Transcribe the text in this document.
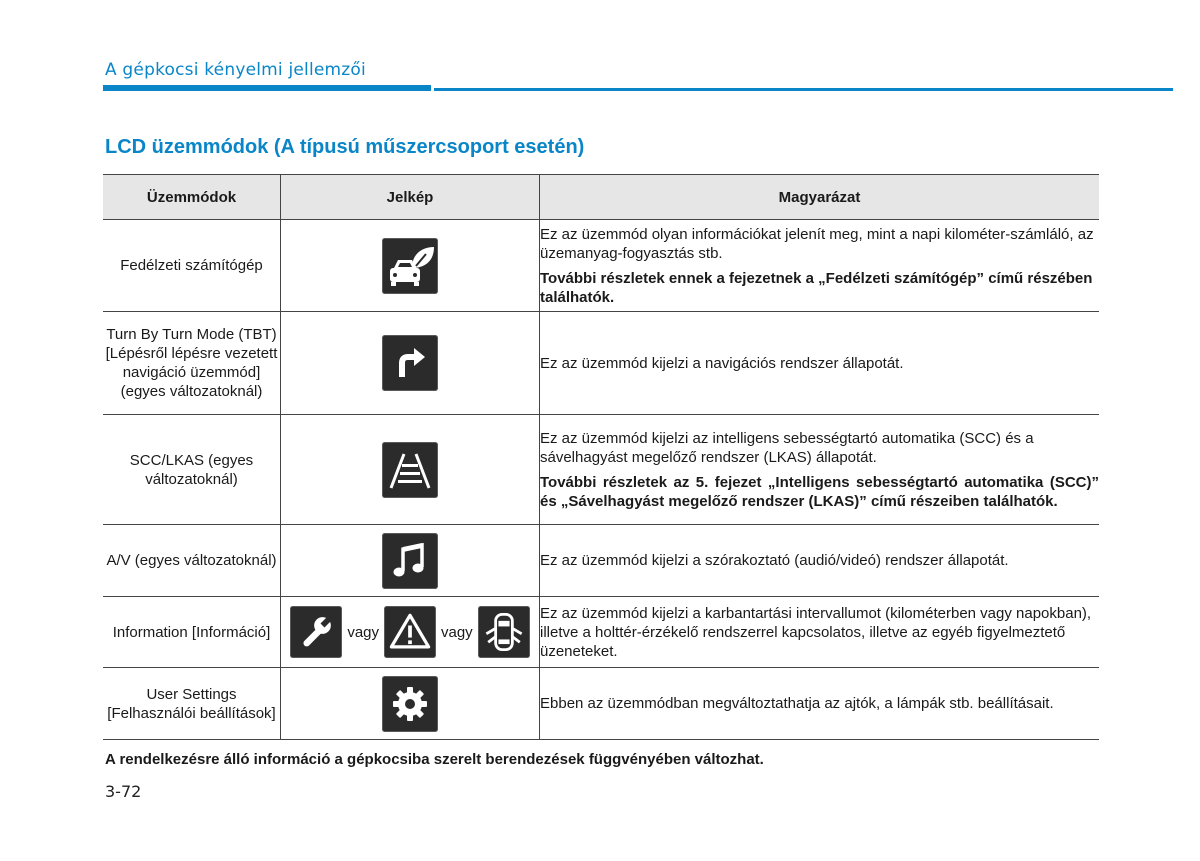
A gépkocsi kényelmi jellemzői
LCD üzemmódok (A típusú műszercsoport esetén)
Üzemmódok	Jelkép	Magyarázat
Fedélzeti számítógép		Ez az üzemmód olyan információkat jelenít meg, mint a napi kilométer-számláló, az üzemanyag-fogyasztás stb.

További részletek ennek a fejezetnek a „Fedélzeti számítógép” című részében találhatók.

Turn By Turn Mode (TBT) [Lépésről lépésre vezetett navigáció üzemmód] (egyes változatoknál)		Ez az üzemmód kijelzi a navigációs rendszer állapotát.

SCC/LKAS (egyes változatoknál)		Ez az üzemmód kijelzi az intelligens sebességtartó automatika (SCC) és a sávelhagyást megelőző rendszer (LKAS) állapotát.

További részletek az 5. fejezet „Intelligens sebességtartó automatika (SCC)” és „Sávelhagyást megelőző rendszer (LKAS)” című részeiben találhatók.

A/V (egyes változatoknál)		Ez az üzemmód kijelzi a szórakoztató (audió/videó) rendszer állapotát.

Information [Információ]	vagy vagy	Ez az üzemmód kijelzi a karbantartási intervallumot (kilométerben vagy napokban), illetve a holttér-érzékelő rendszerrel kapcsolatos, illetve az egyéb figyelmeztető üzeneteket.

User Settings [Felhasználói beállítások]		Ebben az üzemmódban megváltoztathatja az ajtók, a lámpák stb. beállításait.

A rendelkezésre álló információ a gépkocsiba szerelt berendezések függvényében változhat.
3-72
